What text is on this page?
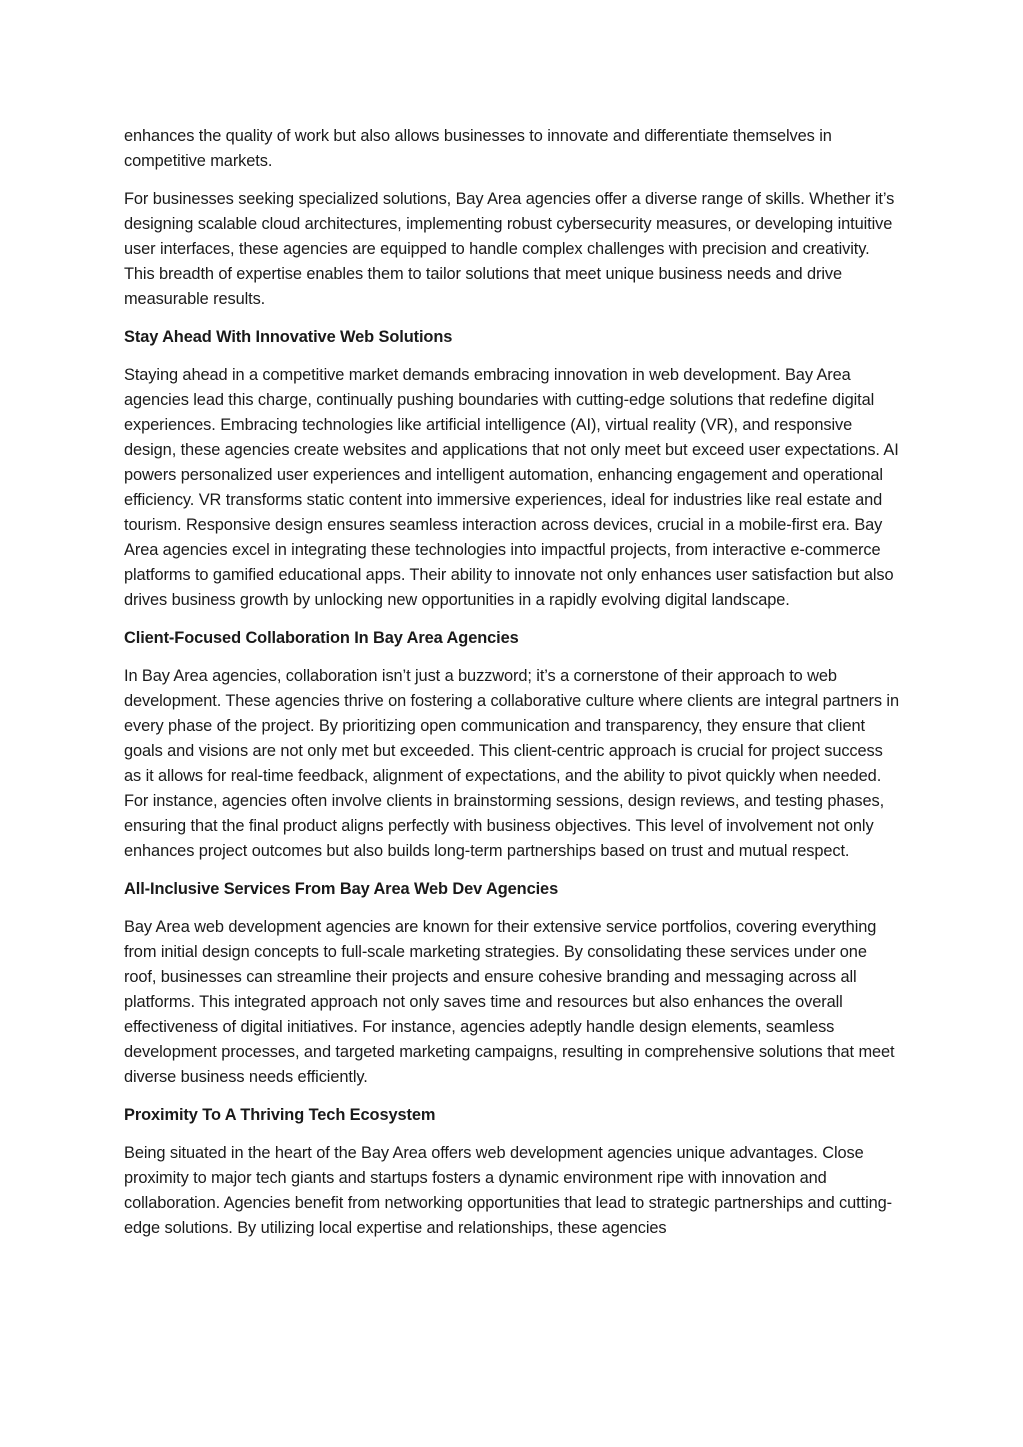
enhances the quality of work but also allows businesses to innovate and differentiate themselves in competitive markets.

For businesses seeking specialized solutions, Bay Area agencies offer a diverse range of skills. Whether it’s designing scalable cloud architectures, implementing robust cybersecurity measures, or developing intuitive user interfaces, these agencies are equipped to handle complex challenges with precision and creativity. This breadth of expertise enables them to tailor solutions that meet unique business needs and drive measurable results.

Stay Ahead With Innovative Web Solutions

Staying ahead in a competitive market demands embracing innovation in web development. Bay Area agencies lead this charge, continually pushing boundaries with cutting-edge solutions that redefine digital experiences. Embracing technologies like artificial intelligence (AI), virtual reality (VR), and responsive design, these agencies create websites and applications that not only meet but exceed user expectations. AI powers personalized user experiences and intelligent automation, enhancing engagement and operational efficiency. VR transforms static content into immersive experiences, ideal for industries like real estate and tourism. Responsive design ensures seamless interaction across devices, crucial in a mobile-first era. Bay Area agencies excel in integrating these technologies into impactful projects, from interactive e-commerce platforms to gamified educational apps. Their ability to innovate not only enhances user satisfaction but also drives business growth by unlocking new opportunities in a rapidly evolving digital landscape.

Client-Focused Collaboration In Bay Area Agencies

In Bay Area agencies, collaboration isn’t just a buzzword; it’s a cornerstone of their approach to web development. These agencies thrive on fostering a collaborative culture where clients are integral partners in every phase of the project. By prioritizing open communication and transparency, they ensure that client goals and visions are not only met but exceeded. This client-centric approach is crucial for project success as it allows for real-time feedback, alignment of expectations, and the ability to pivot quickly when needed. For instance, agencies often involve clients in brainstorming sessions, design reviews, and testing phases, ensuring that the final product aligns perfectly with business objectives. This level of involvement not only enhances project outcomes but also builds long-term partnerships based on trust and mutual respect.

All-Inclusive Services From Bay Area Web Dev Agencies

Bay Area web development agencies are known for their extensive service portfolios, covering everything from initial design concepts to full-scale marketing strategies. By consolidating these services under one roof, businesses can streamline their projects and ensure cohesive branding and messaging across all platforms. This integrated approach not only saves time and resources but also enhances the overall effectiveness of digital initiatives. For instance, agencies adeptly handle design elements, seamless development processes, and targeted marketing campaigns, resulting in comprehensive solutions that meet diverse business needs efficiently.

Proximity To A Thriving Tech Ecosystem

Being situated in the heart of the Bay Area offers web development agencies unique advantages. Close proximity to major tech giants and startups fosters a dynamic environment ripe with innovation and collaboration. Agencies benefit from networking opportunities that lead to strategic partnerships and cutting-edge solutions. By utilizing local expertise and relationships, these agencies
